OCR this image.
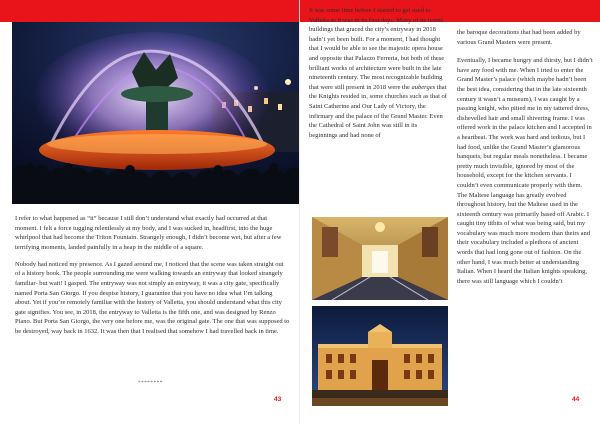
I refer to what happened as “it” because I still don’t understand what exactly had occurred at that moment. I felt a force tugging relentlessly at my body, and I was sucked in, headfirst, into the huge whirlpool that had become the Triton Fountain. Strangely enough, I didn’t become wet, but after a few terrifying moments, landed painfully in a heap in the middle of a square.

Nobody had noticed my presence. As I gazed around me, I noticed that the scene was taken straight out of a history book. The people surrounding me were walking towards an entryway that looked strangely familiar- but wait! I gasped. The entryway was not simply an entryway, it was a city gate, specifically named Porta San Giorgo. If you despise history, I guarantee that you have no idea what I’m talking about. Yet if you’re remotely familiar with the history of Valletta, you should understand what this city gate signifies. You see, in 2018, the entryway to Valletta is the fifth one, and was designed by Renzo Piano. But Porta San Giorgo, the very one before me, was the original gate. The one that was supposed to be destroyed, way back in 1632. It was then that I realised that somehow I had travelled back in time.

********
43

It was some time before I started to get used to Valletta as it was in its first days. Many of its iconic buildings that graced the city’s entryway in 2018 hadn’t yet been built. For a moment, I had thought that I would be able to see the majestic opera house and opposite that Palazzo Ferreria, but both of these brilliant works of architecture were built in the late nineteenth century. The most recognizable building that were still present in 2018 were the auberges that the Knights resided in, some churches such as that of Saint Catherine and Our Lady of Victory, the infirmary and the palace of the Grand Master. Even the Cathedral of Saint John was still in its beginnings and had none of

the baroque decorations that had been added by various Grand Masters were present.

Eventually, I became hungry and thirsty, but I didn’t have any food with me. When I tried to enter the Grand Master’s palace (which maybe hadn’t been the best idea, considering that in the late sixteenth century it wasn’t a museum), I was caught by a passing knight, who pitied me in my tattered dress, dishevelled hair and small shivering frame. I was offered work in the palace kitchen and I accepted in a heartbeat. The work was hard and tedious, but I had food, unlike the Grand Master’s glamorous banquets, but regular meals nonetheless. I became pretty much invisible, ignored by most of the household, except for the kitchen servants. I couldn’t even communicate properly with them. The Maltese language has greatly evolved throughout history, but the Maltese used in the sixteenth century was primarily based off Arabic. I caught tiny titbits of what was being said, but my vocabulary was much more modern than theirs and their vocabulary included a plethora of ancient words that had long gone out of fashion. On the other hand, I was much better at understanding Italian. When I heard the Italian knights speaking, there was still language which I couldn’t

44
